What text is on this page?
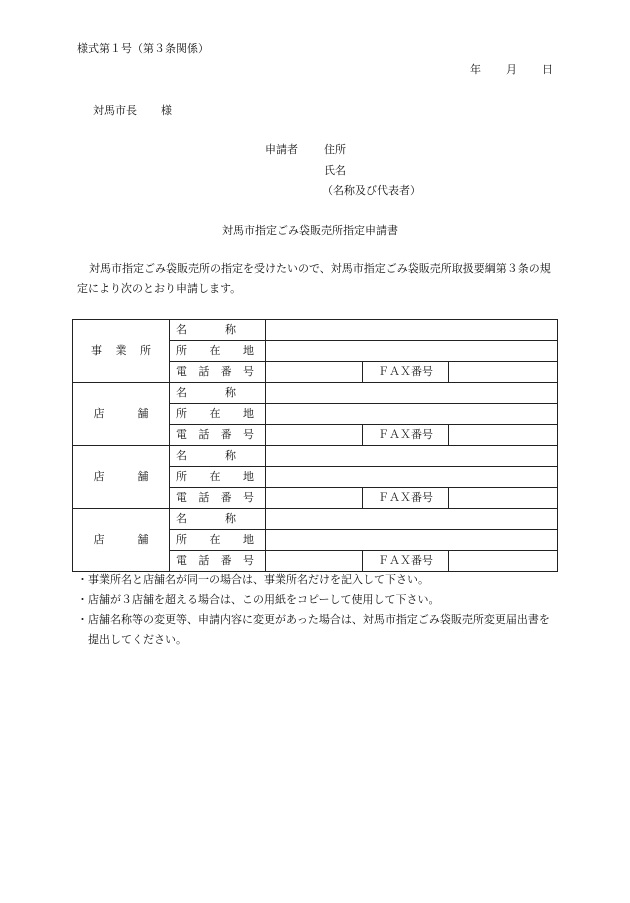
様式第１号（第３条関係）
年 月 日
対馬市長 様
申請者 住所
氏名
（名称及び代表者）
対馬市指定ごみ袋販売所指定申請書
対馬市指定ごみ袋販売所の指定を受けたいので、対馬市指定ごみ袋販売所取扱要綱第３条の規定により次のとおり申請します。
事 業 所	名 称			

	所 在 地			

	電 話 番 号		ＦＡＸ番号	

店 舗	名 称			

	所 在 地			

	電 話 番 号		ＦＡＸ番号	

店 舗	名 称			

	所 在 地			

	電 話 番 号		ＦＡＸ番号	

店 舗	名 称			

	所 在 地			

	電 話 番 号		ＦＡＸ番号	
・ 事業所名と店舗名が同一の場合は、事業所名だけを記入して下さい。
・ 店舗が３店舗を超える場合は、この用紙をコピーして使用して下さい。
・ 店舗名称等の変更等、申請内容に変更があった場合は、対馬市指定ごみ袋販売所変更届出書を提出してください。
